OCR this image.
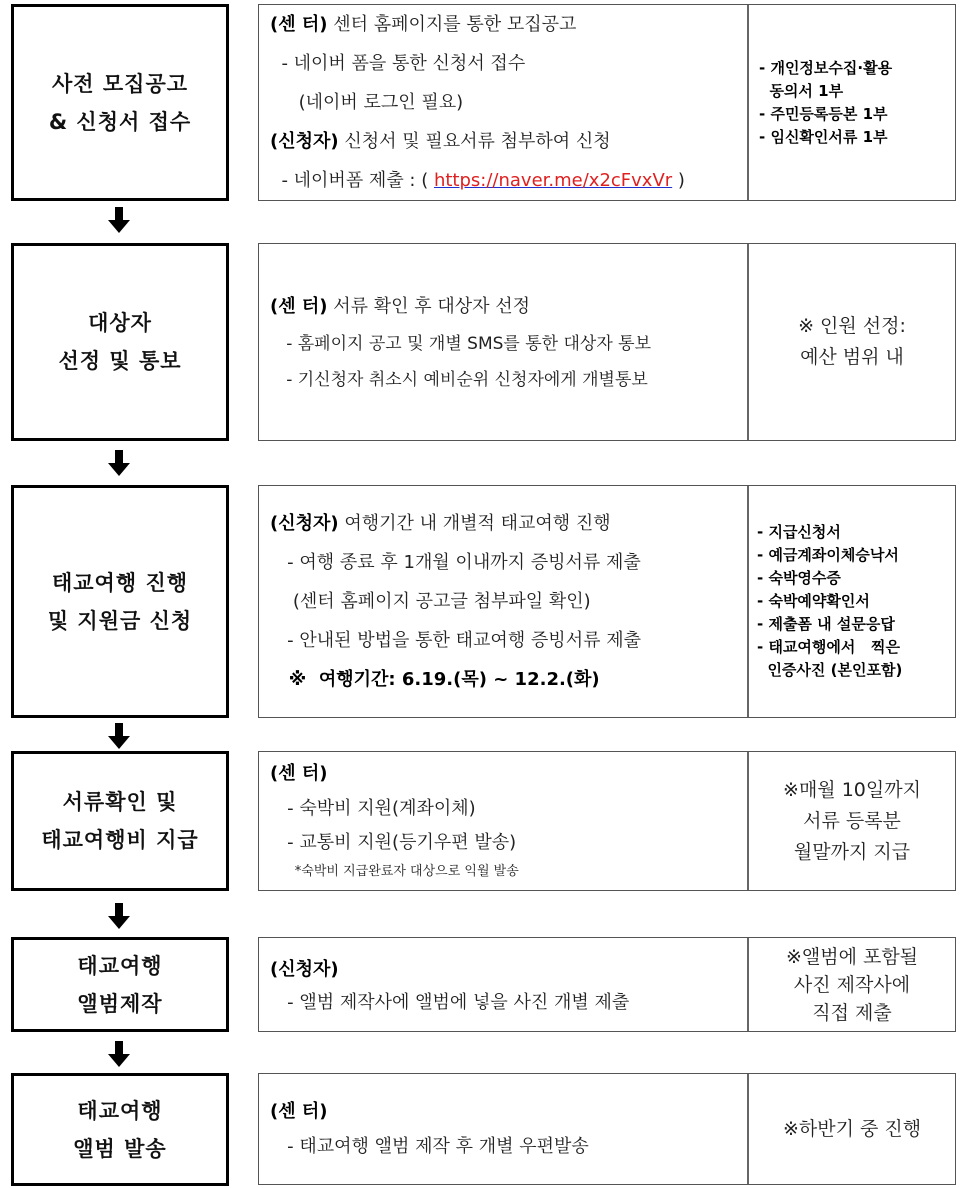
사전 모집공고
& 신청서 접수
(센 터) 센터 홈페이지를 통한 모집공고
- 네이버 폼을 통한 신청서 접수
(네이버 로그인 필요)
(신청자) 신청서 및 필요서류 첨부하여 신청
- 네이버폼 제출 : ( https://naver.me/x2cFvxVr )
- 개인정보수집·활용
동의서 1부
- 주민등록등본 1부
- 임신확인서류 1부
대상자
선정 및 통보
(센 터) 서류 확인 후 대상자 선정
- 홈페이지 공고 및 개별 SMS를 통한 대상자 통보
- 기신청자 취소시 예비순위 신청자에게 개별통보
※ 인원 선정:
예산 범위 내
태교여행 진행
및 지원금 신청
(신청자) 여행기간 내 개별적 태교여행 진행
- 여행 종료 후 1개월 이내까지 증빙서류 제출
(센터 홈페이지 공고글 첨부파일 확인)
- 안내된 방법을 통한 태교여행 증빙서류 제출
※  여행기간: 6.19.(목) ~ 12.2.(화)
- 지급신청서
- 예금계좌이체승낙서
- 숙박영수증
- 숙박예약확인서
- 제출폼 내 설문응답
- 태교여행에서   찍은
인증사진 (본인포함)
서류확인 및
태교여행비 지급
(센 터)
- 숙박비 지원(계좌이체)
- 교통비 지원(등기우편 발송)
*숙박비 지급완료자 대상으로 익월 발송
※매월 10일까지
서류 등록분
월말까지 지급
태교여행
앨범제작
(신청자)
- 앨범 제작사에 앨범에 넣을 사진 개별 제출
※앨범에 포함될
사진 제작사에
직접 제출
태교여행
앨범 발송
(센 터)
- 태교여행 앨범 제작 후 개별 우편발송
※하반기 중 진행
